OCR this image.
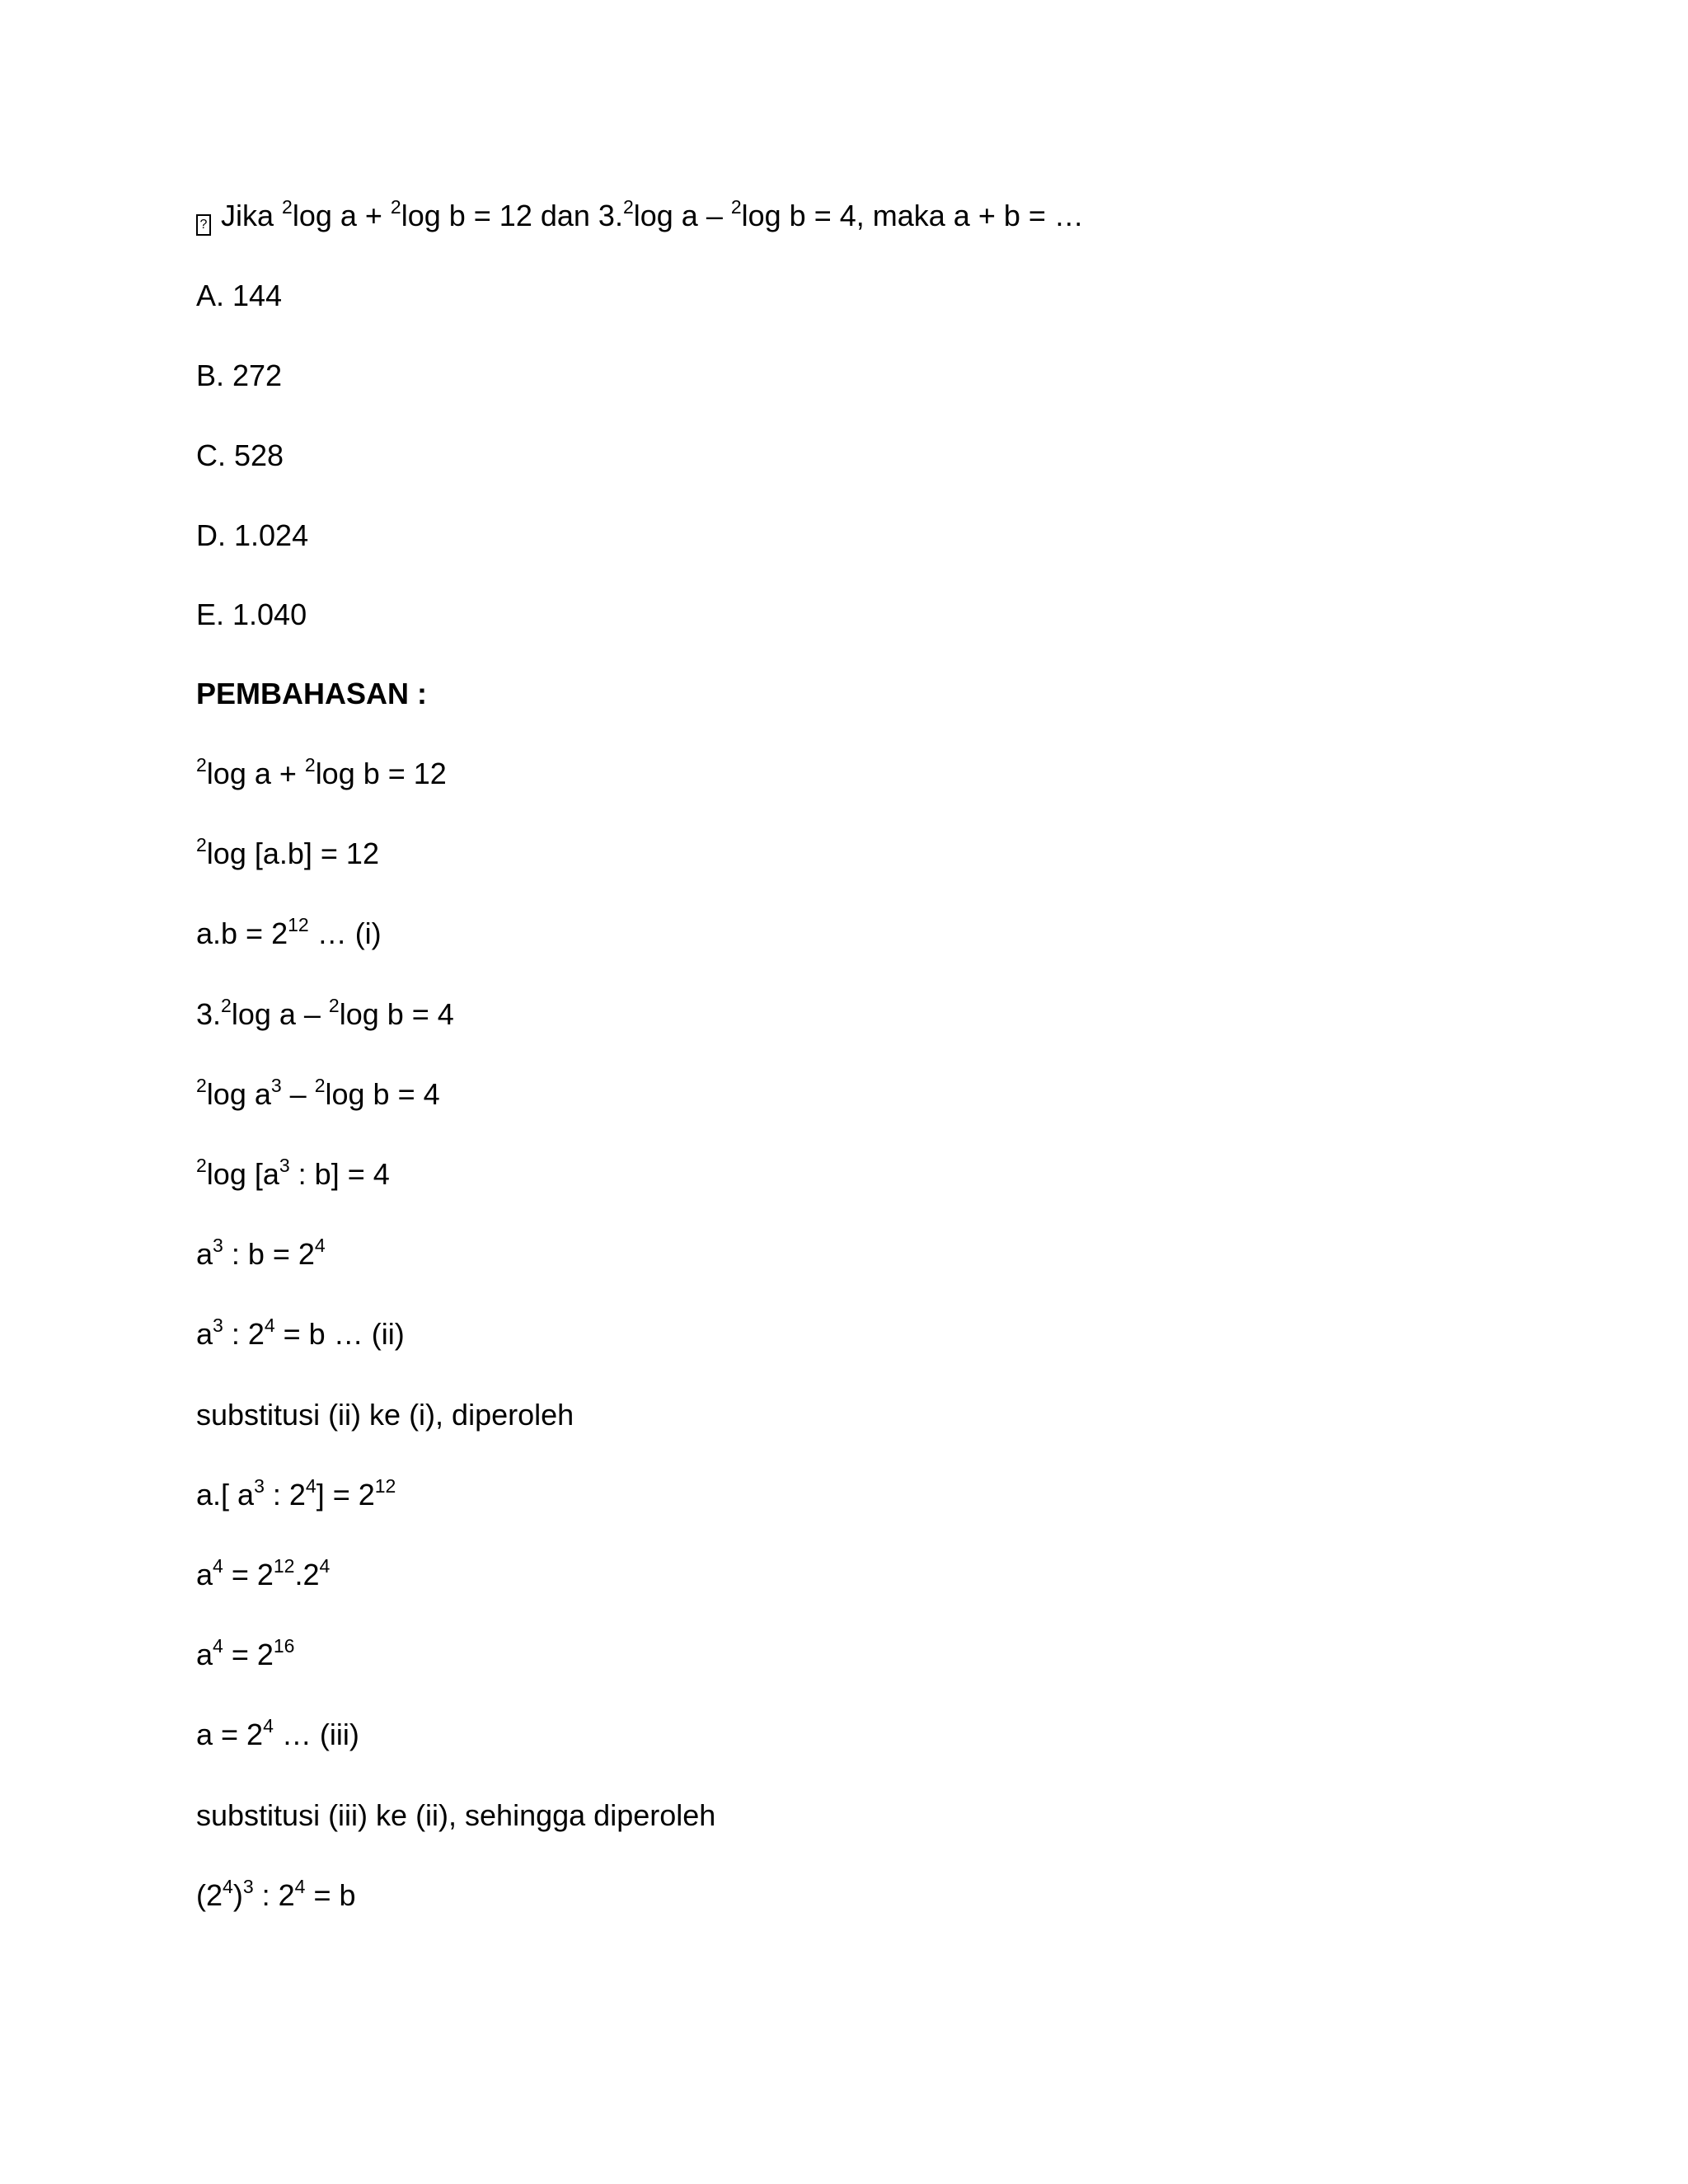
? Jika $^2$log a + $^2$log b = 12 dan 3.$^2$log a – $^2$log b = 4, maka a + b = …
A. 144
B. 272
C. 528
D. 1.024
E. 1.040
PEMBAHASAN :
$^2$log a + $^2$log b = 12
$^2$log [a.b] = 12
$a.b = 2^{12}$ … (i)
3.$^2$log a – $^2$log b = 4
$^2$log $a^3 - ^2\log$ b = 4
$^2$log [$a^3$ : b] = 4
$a^3$ : $b = 2^4$
$a^3$ : $2^4 = b$ … (ii)
substitusi (ii) ke (i), diperoleh
a.[ $a^3$ : $2^4] = 2^{12}$
$a^4 = 2^{12}.2^4$
$a^4 = 2^{16}$
$a = 2^4$ … (iii)
substitusi (iii) ke (ii), sehingga diperoleh
$(2^4)^3$ : $2^4 = b$
